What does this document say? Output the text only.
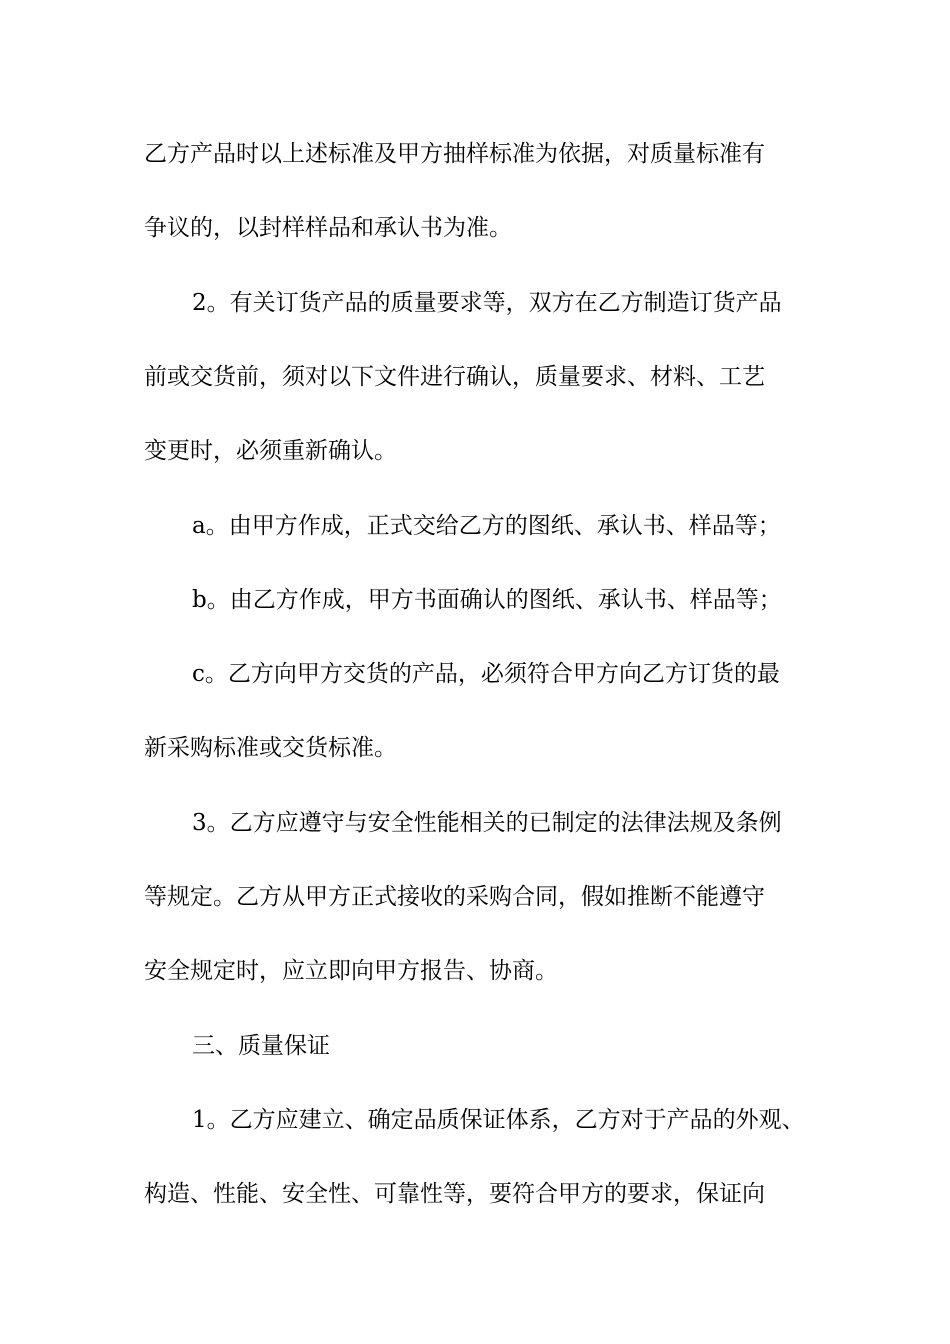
乙方产品时以上述标准及甲方抽样标准为依据，对质量标准有

争议的，以封样样品和承认书为准。

2。有关订货产品的质量要求等，双方在乙方制造订货产品

前或交货前，须对以下文件进行确认，质量要求、材料、工艺

变更时，必须重新确认。

a。由甲方作成，正式交给乙方的图纸、承认书、样品等；

b。由乙方作成，甲方书面确认的图纸、承认书、样品等；

c。乙方向甲方交货的产品，必须符合甲方向乙方订货的最

新采购标准或交货标准。

3。乙方应遵守与安全性能相关的已制定的法律法规及条例

等规定。乙方从甲方正式接收的采购合同，假如推断不能遵守

安全规定时，应立即向甲方报告、协商。

三、质量保证

1。乙方应建立、确定品质保证体系，乙方对于产品的外观、

构造、性能、安全性、可靠性等，要符合甲方的要求，保证向
